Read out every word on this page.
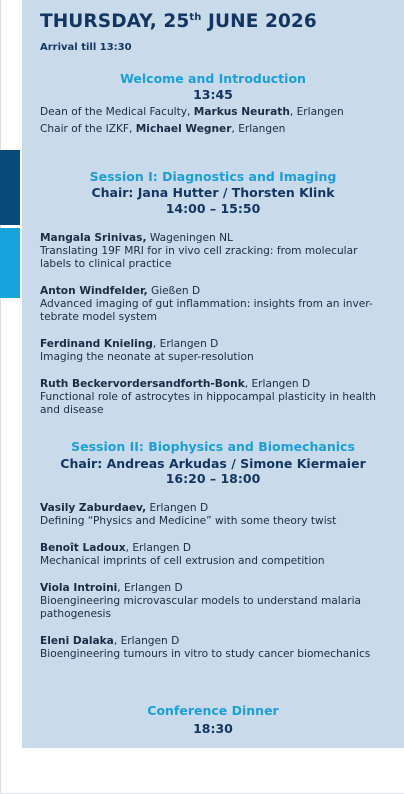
THURSDAY, 25th JUNE 2026
Arrival till 13:30
Welcome and Introduction
13:45
Dean of the Medical Faculty, Markus Neurath, Erlangen
Chair of the IZKF, Michael Wegner, Erlangen
Session I: Diagnostics and Imaging
Chair: Jana Hutter / Thorsten Klink
14:00 – 15:50
Mangala Srinivas, Wageningen NL
Translating 19F MRI for in vivo cell zracking: from molecular
labels to clinical practice
Anton Windfelder, Gießen D
Advanced imaging of gut inflammation: insights from an inver-
tebrate model system
Ferdinand Knieling, Erlangen D
Imaging the neonate at super-resolution
Ruth Beckervordersandforth-Bonk, Erlangen D
Functional role of astrocytes in hippocampal plasticity in health
and disease
Session II: Biophysics and Biomechanics
Chair: Andreas Arkudas / Simone Kiermaier
16:20 – 18:00
Vasily Zaburdaev, Erlangen D
Defining “Physics and Medicine” with some theory twist
Benoît Ladoux, Erlangen D
Mechanical imprints of cell extrusion and competition
Viola Introini, Erlangen D
Bioengineering microvascular models to understand malaria
pathogenesis
Eleni Dalaka, Erlangen D
Bioengineering tumours in vitro to study cancer biomechanics
Conference Dinner
18:30
